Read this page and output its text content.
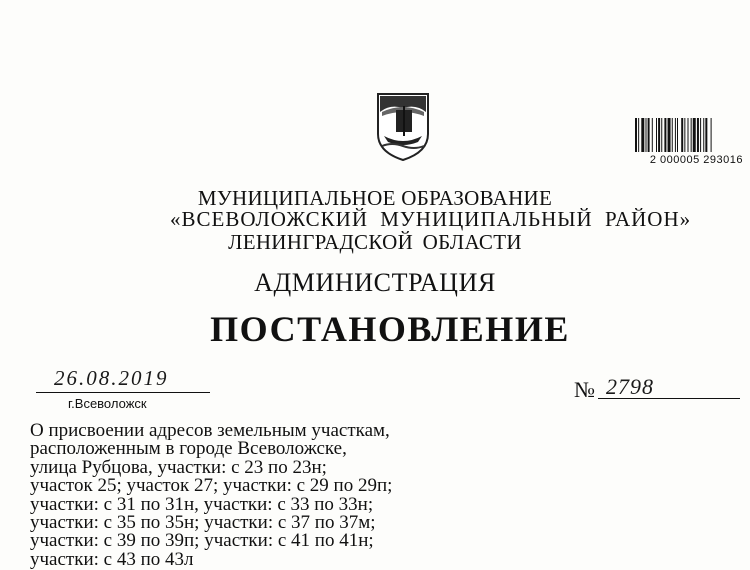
2 000005 293016
МУНИЦИПАЛЬНОЕ ОБРАЗОВАНИЕ
«ВСЕВОЛОЖСКИЙ МУНИЦИПАЛЬНЫЙ РАЙОН»
ЛЕНИНГРАДСКОЙ ОБЛАСТИ
АДМИНИСТРАЦИЯ
ПОСТАНОВЛЕНИЕ
26.08.2019
г.Всеволожск
№ 2798
О присвоении адресов земельным участкам,
расположенным в городе Всеволожске,
улица Рубцова, участки: с 23 по 23н;
участок 25; участок 27; участки: с 29 по 29п;
участки: с 31 по 31н, участки: с 33 по 33н;
участки: с 35 по 35н; участки: с 37 по 37м;
участки: с 39 по 39п; участки: с 41 по 41н;
участки: с 43 по 43л
